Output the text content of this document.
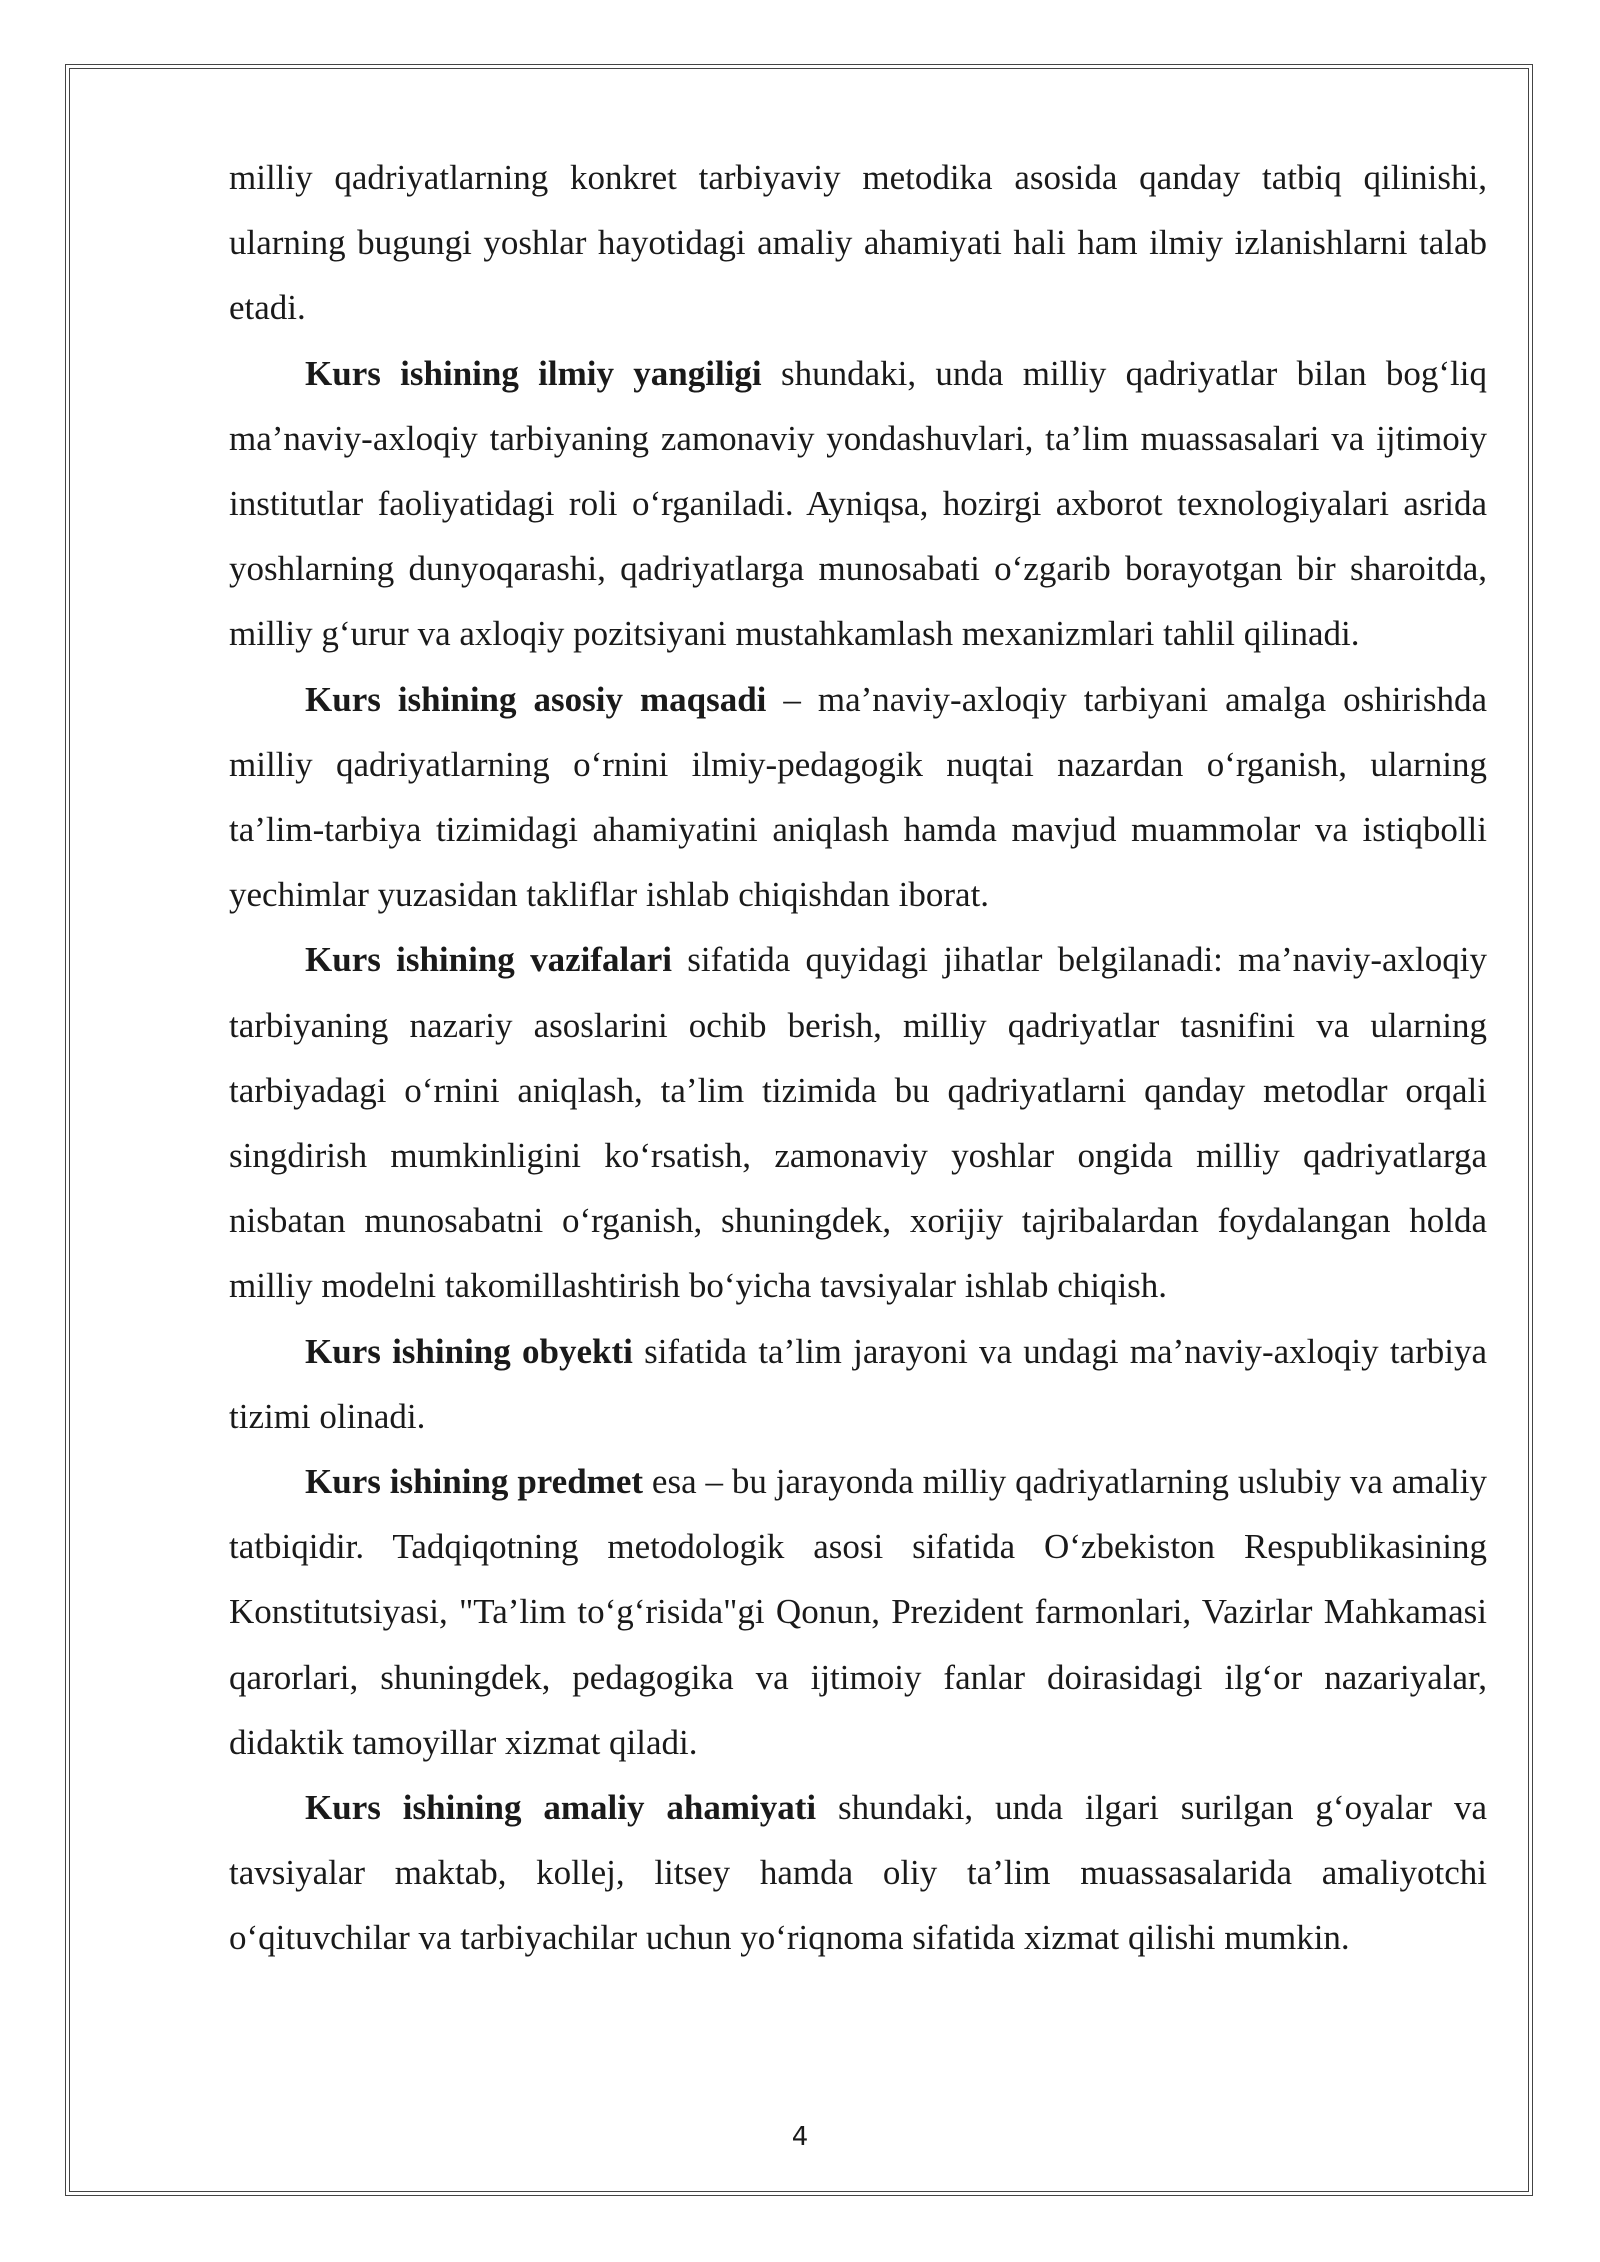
milliy qadriyatlarning konkret tarbiyaviy metodika asosida qanday tatbiq qilinishi, ularning bugungi yoshlar hayotidagi amaliy ahamiyati hali ham ilmiy izlanishlarni talab etadi.

Kurs ishining ilmiy yangiligi shundaki, unda milliy qadriyatlar bilan bog‘liq ma’naviy-axloqiy tarbiyaning zamonaviy yondashuvlari, ta’lim muassasalari va ijtimoiy institutlar faoliyatidagi roli o‘rganiladi. Ayniqsa, hozirgi axborot texnologiyalari asrida yoshlarning dunyoqarashi, qadriyatlarga munosabati o‘zgarib borayotgan bir sharoitda, milliy g‘urur va axloqiy pozitsiyani mustahkamlash mexanizmlari tahlil qilinadi.

Kurs ishining asosiy maqsadi – ma’naviy-axloqiy tarbiyani amalga oshirishda milliy qadriyatlarning o‘rnini ilmiy-pedagogik nuqtai nazardan o‘rganish, ularning ta’lim-tarbiya tizimidagi ahamiyatini aniqlash hamda mavjud muammolar va istiqbolli yechimlar yuzasidan takliflar ishlab chiqishdan iborat.

Kurs ishining vazifalari sifatida quyidagi jihatlar belgilanadi: ma’naviy-axloqiy tarbiyaning nazariy asoslarini ochib berish, milliy qadriyatlar tasnifini va ularning tarbiyadagi o‘rnini aniqlash, ta’lim tizimida bu qadriyatlarni qanday metodlar orqali singdirish mumkinligini ko‘rsatish, zamonaviy yoshlar ongida milliy qadriyatlarga nisbatan munosabatni o‘rganish, shuningdek, xorijiy tajribalardan foydalangan holda milliy modelni takomillashtirish bo‘yicha tavsiyalar ishlab chiqish.

Kurs ishining obyekti sifatida ta’lim jarayoni va undagi ma’naviy-axloqiy tarbiya tizimi olinadi.

Kurs ishining predmet esa – bu jarayonda milliy qadriyatlarning uslubiy va amaliy tatbiqidir. Tadqiqotning metodologik asosi sifatida O‘zbekiston Respublikasining Konstitutsiyasi, "Ta’lim to‘g‘risida"gi Qonun, Prezident farmonlari, Vazirlar Mahkamasi qarorlari, shuningdek, pedagogika va ijtimoiy fanlar doirasidagi ilg‘or nazariyalar, didaktik tamoyillar xizmat qiladi.

Kurs ishining amaliy ahamiyati shundaki, unda ilgari surilgan g‘oyalar va tavsiyalar maktab, kollej, litsey hamda oliy ta’lim muassasalarida amaliyotchi o‘qituvchilar va tarbiyachilar uchun yo‘riqnoma sifatida xizmat qilishi mumkin.

4
